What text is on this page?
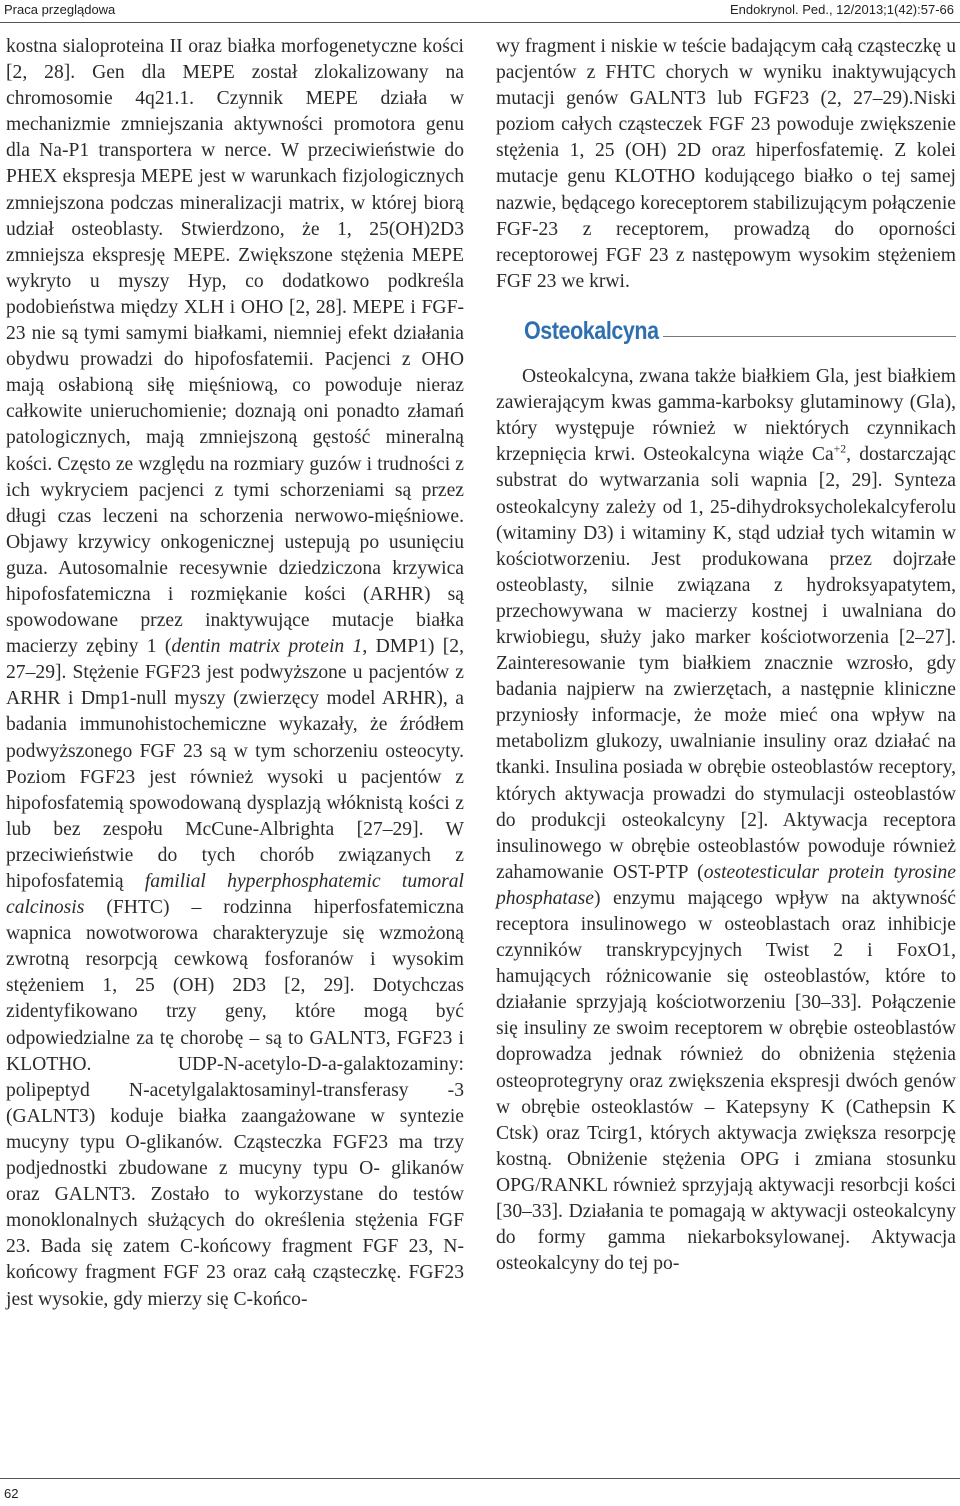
Praca przeglądowa	Endokrynol. Ped., 12/2013;1(42):57-66

kostna sialoproteina II oraz białka morfogenetyczne kości [2, 28]. Gen dla MEPE został zlokalizowany na chromosomie 4q21.1. Czynnik MEPE działa w mechanizmie zmniejszania aktywności promotora genu dla Na-P1 transportera w nerce. W przeciwieństwie do PHEX ekspresja MEPE jest w warunkach fizjologicznych zmniejszona podczas mineralizacji matrix, w której biorą udział osteoblasty. Stwierdzono, że 1, 25(OH)2D3 zmniejsza ekspresję MEPE. Zwiększone stężenia MEPE wykryto u myszy Hyp, co dodatkowo podkreśla podobieństwa między XLH i OHO [2, 28]. MEPE i FGF-23 nie są tymi samymi białkami, niemniej efekt działania obydwu prowadzi do hipofosfatemii. Pacjenci z OHO mają osłabioną siłę mięśniową, co powoduje nieraz całkowite unieruchomienie; doznają oni ponadto złamań patologicznych, mają zmniejszoną gęstość mineralną kości. Często ze względu na rozmiary guzów i trudności z ich wykryciem pacjenci z tymi schorzeniami są przez długi czas leczeni na schorzenia nerwowo-mięśniowe. Objawy krzywicy onkogenicznej ustepują po usunięciu guza. Autosomalnie recesywnie dziedziczona krzywica hipofosfatemiczna i rozmiękanie kości (ARHR) są spowodowane przez inaktywujące mutacje białka macierzy zębiny 1 (dentin matrix protein 1, DMP1) [2, 27–29]. Stężenie FGF23 jest podwyższone u pacjentów z ARHR i Dmp1-null myszy (zwierzęcy model ARHR), a badania immunohistochemiczne wykazały, że źródłem podwyższonego FGF 23 są w tym schorzeniu osteocyty. Poziom FGF23 jest również wysoki u pacjentów z hipofosfatemią spowodowaną dysplazją włóknistą kości z lub bez zespołu McCune-Albrighta [27–29]. W przeciwieństwie do tych chorób związanych z hipofosfatemią familial hyperphosphatemic tumoral calcinosis (FHTC) – rodzinna hiperfosfatemiczna wapnica nowotworowa charakteryzuje się wzmożoną zwrotną resorpcją cewkową fosforanów i wysokim stężeniem 1, 25 (OH) 2D3 [2, 29]. Dotychczas zidentyfikowano trzy geny, które mogą być odpowiedzialne za tę chorobę – są to GALNT3, FGF23 i KLOTHO. UDP-N-acetylo-D-a-galaktozaminy: polipeptyd N-acetylgalaktosaminyl-transferasy -3 (GALNT3) koduje białka zaangażowane w syntezie mucyny typu O-glikanów. Cząsteczka FGF23 ma trzy podjednostki zbudowane z mucyny typu O- glikanów oraz GALNT3. Zostało to wykorzystane do testów monoklonalnych służących do określenia stężenia FGF 23. Bada się zatem C-końcowy fragment FGF 23, N-końcowy fragment FGF 23 oraz całą cząsteczkę. FGF23 jest wysokie, gdy mierzy się C-końco-

wy fragment i niskie w teście badającym całą cząsteczkę u pacjentów z FHTC chorych w wyniku inaktywujących mutacji genów GALNT3 lub FGF23 (2, 27–29).Niski poziom całych cząsteczek FGF 23 powoduje zwiększenie stężenia 1, 25 (OH) 2D oraz hiperfosfatemię. Z kolei mutacje genu KLOTHO kodującego białko o tej samej nazwie, będącego koreceptorem stabilizującym połączenie FGF-23 z receptorem, prowadzą do oporności receptorowej FGF 23 z następowym wysokim stężeniem FGF 23 we krwi.

Osteokalcyna

Osteokalcyna, zwana także białkiem Gla, jest białkiem zawierającym kwas gamma-karboksy glutaminowy (Gla), który występuje również w niektórych czynnikach krzepnięcia krwi. Osteokalcyna wiąże $Ca^{+2}$, dostarczając substrat do wytwarzania soli wapnia [2, 29]. Synteza osteokalcyny zależy od 1, 25-dihydroksycholekalcyferolu (witaminy D3) i witaminy K, stąd udział tych witamin w kościotworzeniu. Jest produkowana przez dojrzałe osteoblasty, silnie związana z hydroksyapatytem, przechowywana w macierzy kostnej i uwalniana do krwiobiegu, służy jako marker kościotworzenia [2–27]. Zainteresowanie tym białkiem znacznie wzrosło, gdy badania najpierw na zwierzętach, a następnie kliniczne przyniosły informacje, że może mieć ona wpływ na metabolizm glukozy, uwalnianie insuliny oraz działać na tkanki. Insulina posiada w obrębie osteoblastów receptory, których aktywacja prowadzi do stymulacji osteoblastów do produkcji osteokalcyny [2]. Aktywacja receptora insulinowego w obrębie osteoblastów powoduje również zahamowanie OST-PTP (osteotesticular protein tyrosine phosphatase) enzymu mającego wpływ na aktywność receptora insulinowego w osteoblastach oraz inhibicje czynników transkrypcyjnych Twist 2 i FoxO1, hamujących różnicowanie się osteoblastów, które to działanie sprzyjają kościotworzeniu [30–33]. Połączenie się insuliny ze swoim receptorem w obrębie osteoblastów doprowadza jednak również do obniżenia stężenia osteoprotegryny oraz zwiększenia ekspresji dwóch genów w obrębie osteoklastów – Katepsyny K (Cathepsin K Ctsk) oraz Tcirg1, których aktywacja zwiększa resorpcję kostną. Obniżenie stężenia OPG i zmiana stosunku OPG/RANKL również sprzyjają aktywacji resorbcji kości [30–33]. Działania te pomagają w aktywacji osteokalcyny do formy gamma niekarboksylowanej. Aktywacja osteokalcyny do tej po-

62
